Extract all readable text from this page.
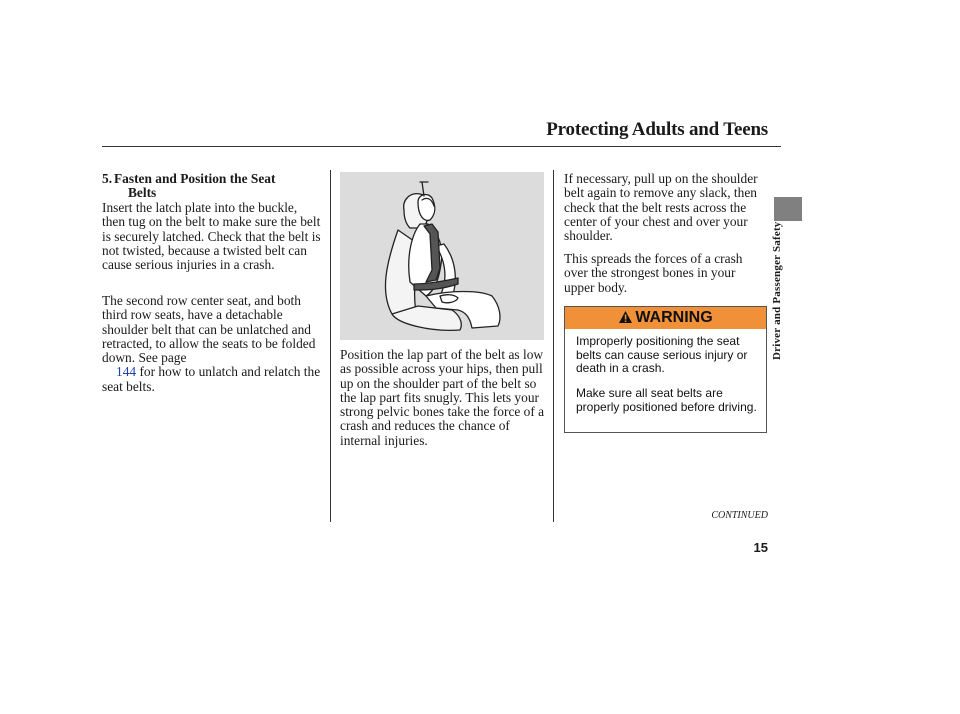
Protecting Adults and Teens
5. Fasten and Position the Seat
Belts
Insert the latch plate into the buckle, then tug on the belt to make sure the belt is securely latched. Check that the belt is not twisted, because a twisted belt can cause serious injuries in a crash.
The second row center seat, and both third row seats, have a detachable shoulder belt that can be unlatched and retracted, to allow the seats to be folded down. See page
144 for how to unlatch and relatch the seat belts.
Position the lap part of the belt as low as possible across your hips, then pull up on the shoulder part of the belt so the lap part fits snugly. This lets your strong pelvic bones take the force of a crash and reduces the chance of internal injuries.
If necessary, pull up on the shoulder belt again to remove any slack, then check that the belt rests across the center of your chest and over your shoulder.
This spreads the forces of a crash over the strongest bones in your upper body.
WARNING
Improperly positioning the seat belts can cause serious injury or death in a crash.
Make sure all seat belts are properly positioned before driving.
CONTINUED
15
Driver and Passenger Safety
